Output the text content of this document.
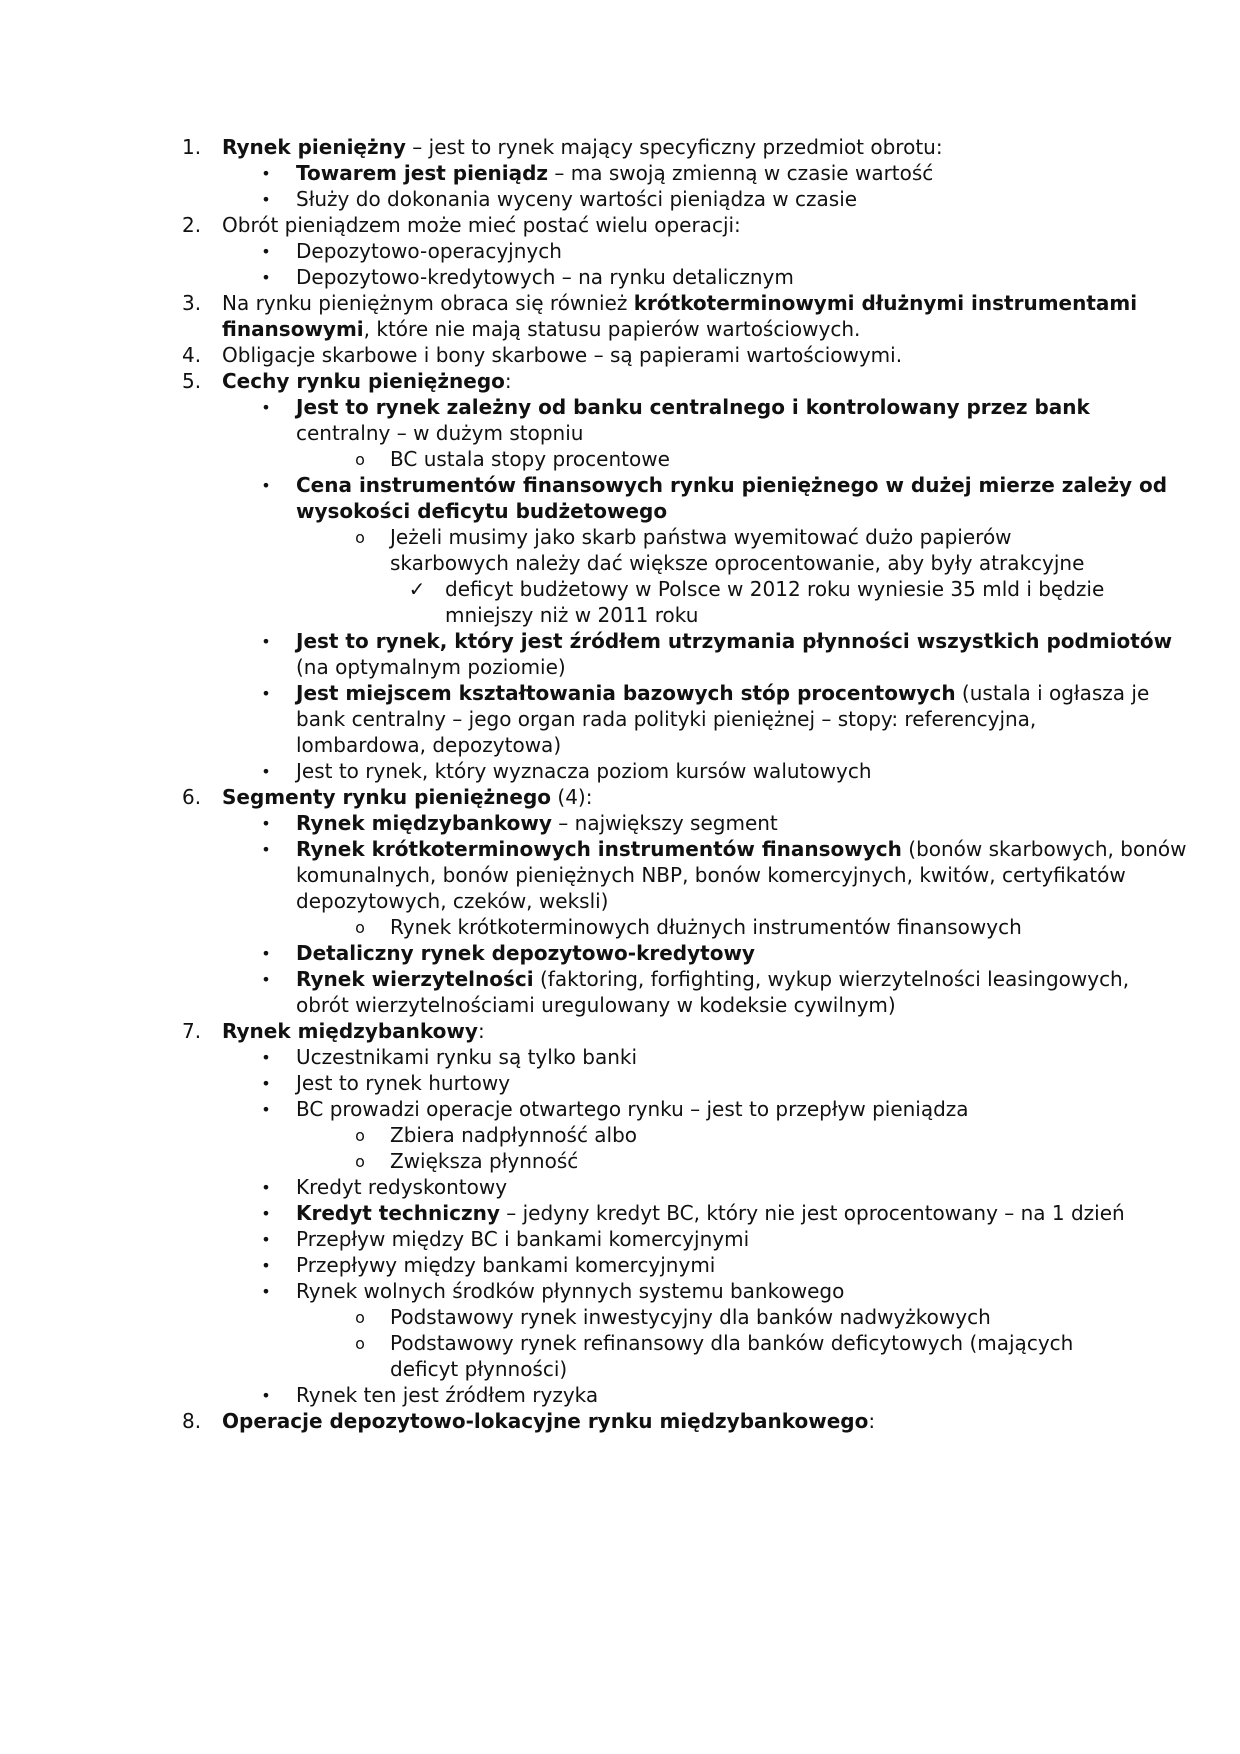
1.	Rynek pieniężny – jest to rynek mający specyficzny przedmiot obrotu:
• Towarem jest pieniądz – ma swoją zmienną w czasie wartość
• Służy do dokonania wyceny wartości pieniądza w czasie
2.	Obrót pieniądzem może mieć postać wielu operacji:
• Depozytowo-operacyjnych
• Depozytowo-kredytowych – na rynku detalicznym
3.	Na rynku pieniężnym obraca się również krótkoterminowymi dłużnymi instrumentami
finansowymi, które nie mają statusu papierów wartościowych.
4.	Obligacje skarbowe i bony skarbowe – są papierami wartościowymi.
5.	Cechy rynku pieniężnego:
• Jest to rynek zależny od banku centralnego i kontrolowany przez bank
centralny – w dużym stopniu
o BC ustala stopy procentowe
• Cena instrumentów finansowych rynku pieniężnego w dużej mierze zależy od
wysokości deficytu budżetowego
o Jeżeli musimy jako skarb państwa wyemitować dużo papierów
skarbowych należy dać większe oprocentowanie, aby były atrakcyjne
✓ deficyt budżetowy w Polsce w 2012 roku wyniesie 35 mld i będzie
mniejszy niż w 2011 roku
• Jest to rynek, który jest źródłem utrzymania płynności wszystkich podmiotów
(na optymalnym poziomie)
• Jest miejscem kształtowania bazowych stóp procentowych (ustala i ogłasza je
bank centralny – jego organ rada polityki pieniężnej – stopy: referencyjna,
lombardowa, depozytowa)
• Jest to rynek, który wyznacza poziom kursów walutowych
6.	Segmenty rynku pieniężnego (4):
• Rynek międzybankowy – największy segment
• Rynek krótkoterminowych instrumentów finansowych (bonów skarbowych, bonów
komunalnych, bonów pieniężnych NBP, bonów komercyjnych, kwitów, certyfikatów
depozytowych, czeków, weksli)
o Rynek krótkoterminowych dłużnych instrumentów finansowych
• Detaliczny rynek depozytowo-kredytowy
• Rynek wierzytelności (faktoring, forfighting, wykup wierzytelności leasingowych,
obrót wierzytelnościami uregulowany w kodeksie cywilnym)
7.	Rynek międzybankowy:
• Uczestnikami rynku są tylko banki
• Jest to rynek hurtowy
• BC prowadzi operacje otwartego rynku – jest to przepływ pieniądza
o Zbiera nadpłynność albo
o Zwiększa płynność
• Kredyt redyskontowy
• Kredyt techniczny – jedyny kredyt BC, który nie jest oprocentowany – na 1 dzień
• Przepływ między BC i bankami komercyjnymi
• Przepływy między bankami komercyjnymi
• Rynek wolnych środków płynnych systemu bankowego
o Podstawowy rynek inwestycyjny dla banków nadwyżkowych
o Podstawowy rynek refinansowy dla banków deficytowych (mających
deficyt płynności)
• Rynek ten jest źródłem ryzyka
8.	Operacje depozytowo-lokacyjne rynku międzybankowego:
